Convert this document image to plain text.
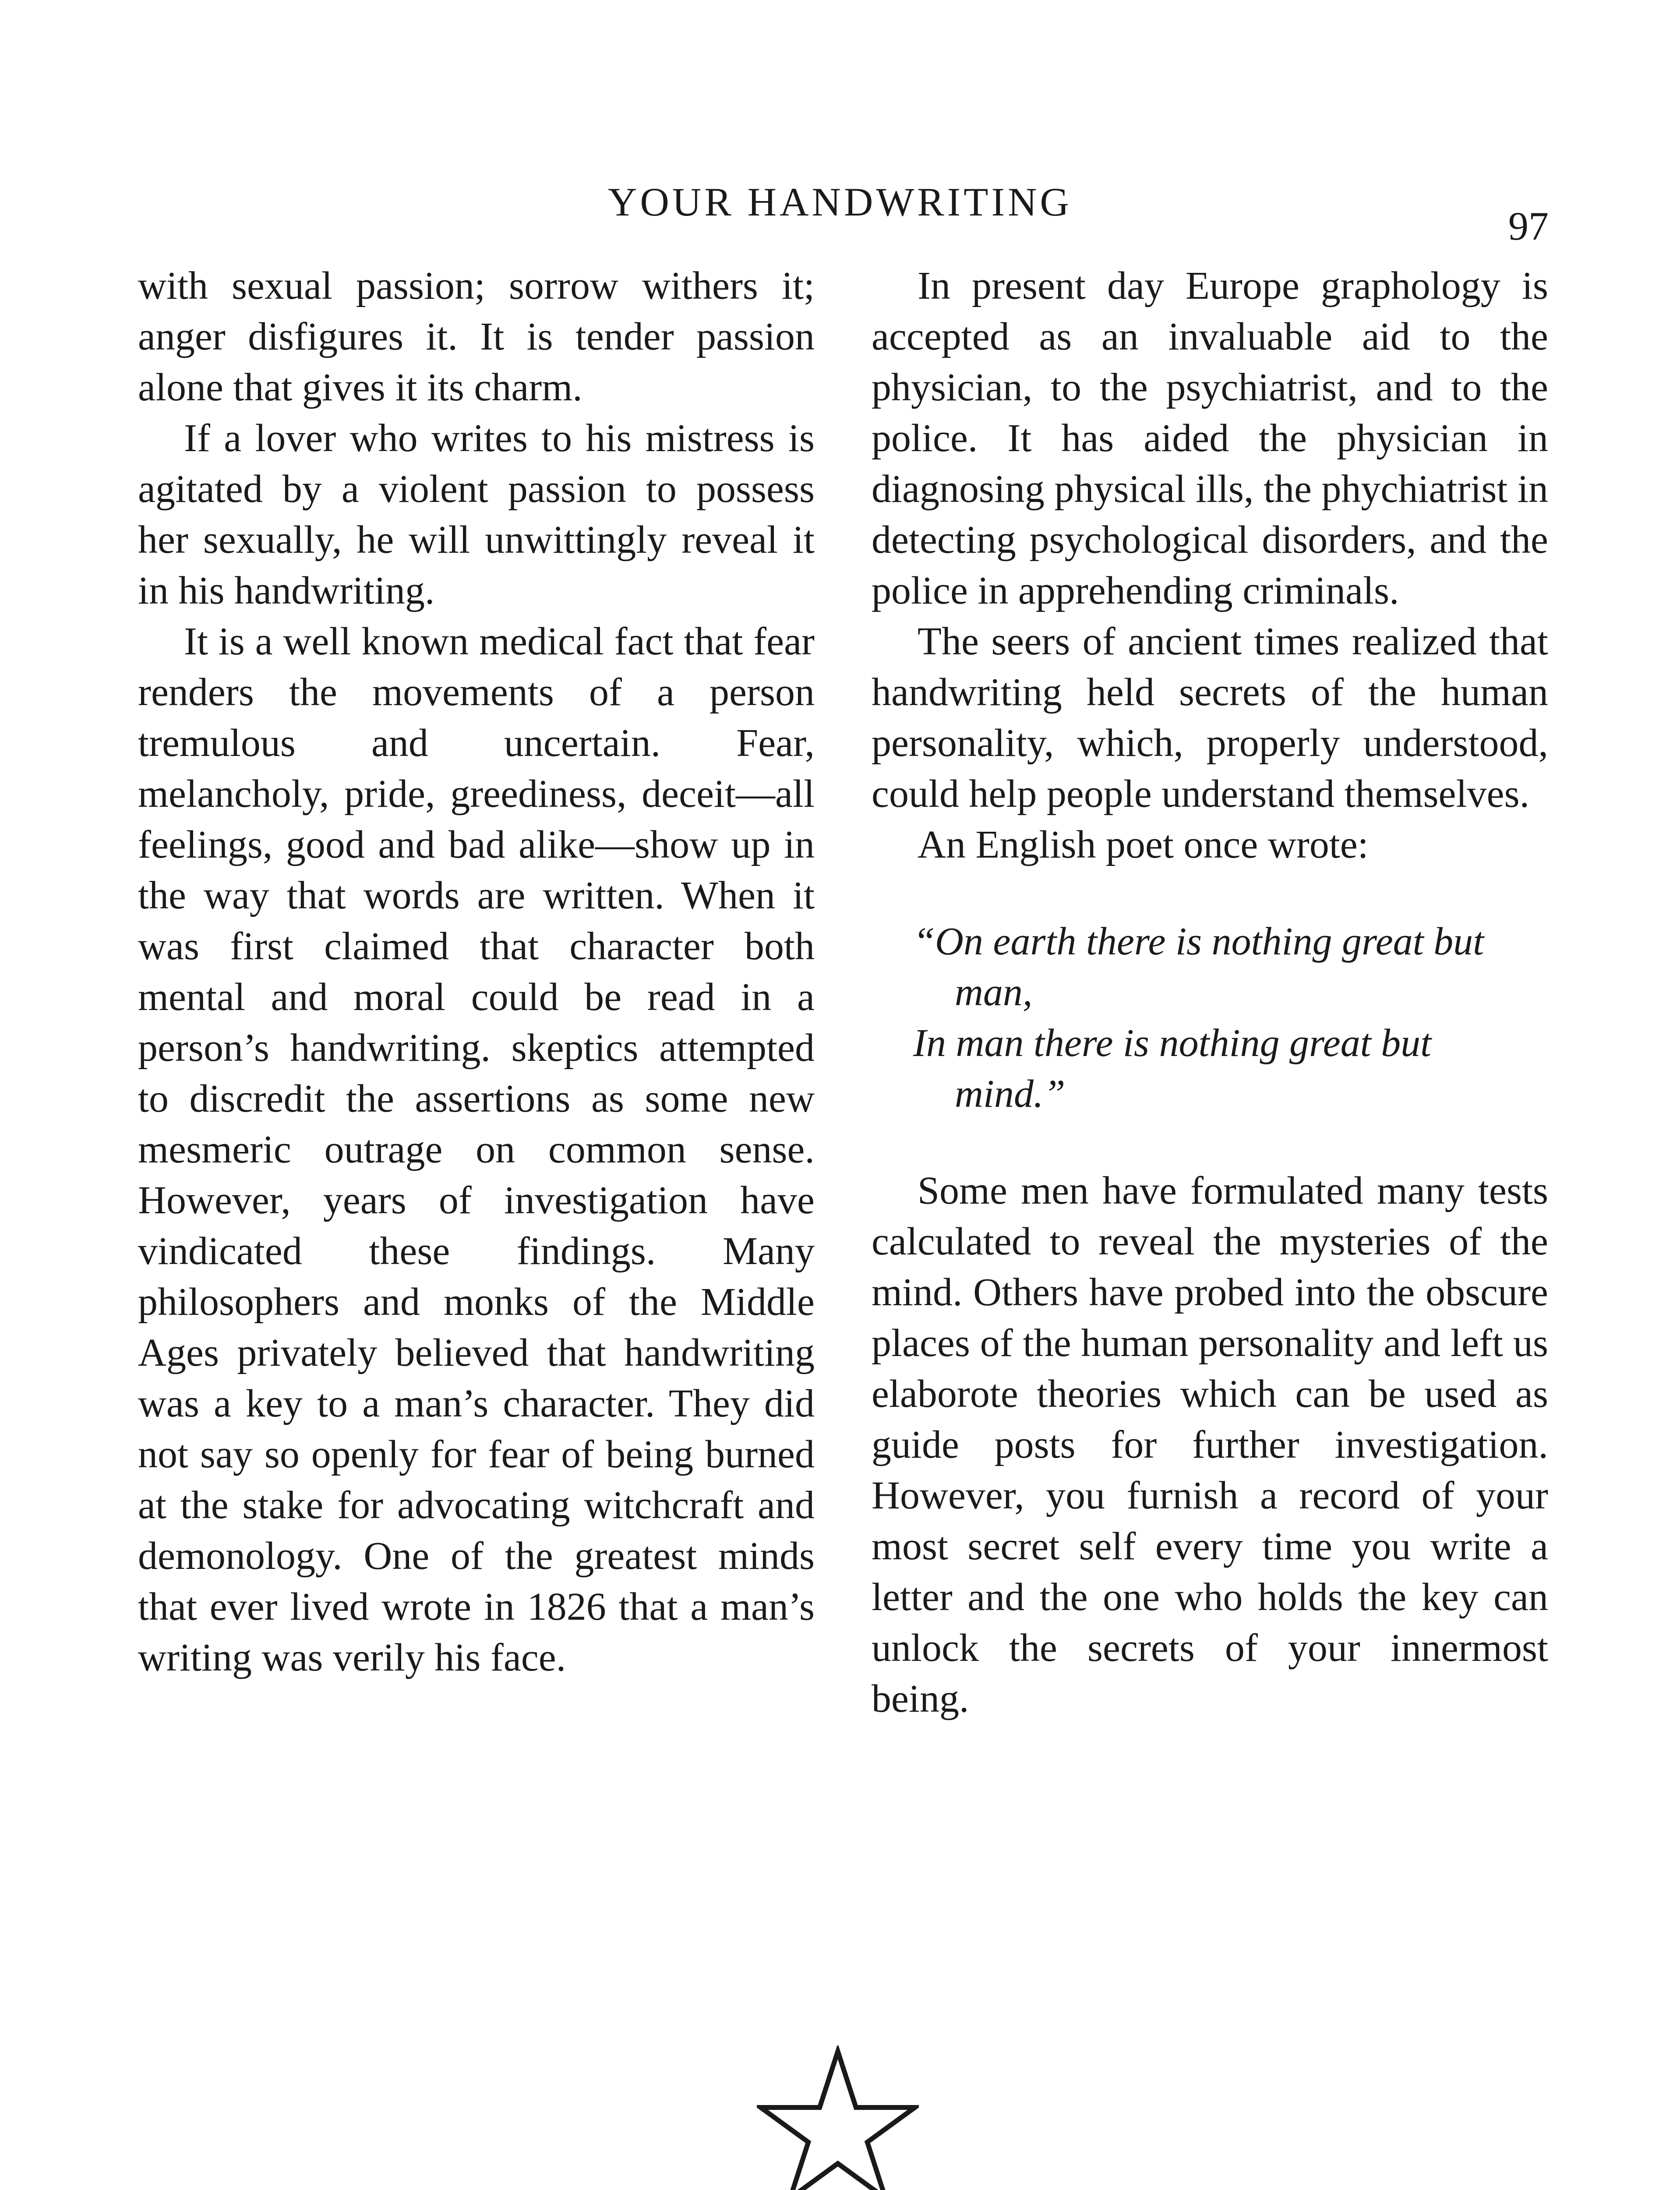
YOUR HANDWRITING
97

with sexual passion; sorrow withers it; anger disfigures it. It is tender passion alone that gives it its charm.

If a lover who writes to his mistress is agitated by a violent passion to possess her sexually, he will unwittingly reveal it in his handwriting.

It is a well known medical fact that fear renders the movements of a person tremulous and uncertain. Fear, melancholy, pride, greediness, deceit—all feelings, good and bad alike—show up in the way that words are written. When it was first claimed that character both mental and moral could be read in a person’s handwriting. skeptics attempted to discredit the assertions as some new mesmeric outrage on common sense. However, years of investigation have vindicated these findings. Many philosophers and monks of the Middle Ages privately believed that handwriting was a key to a man’s character. They did not say so openly for fear of being burned at the stake for advocating witchcraft and demonology. One of the greatest minds that ever lived wrote in 1826 that a man’s writing was verily his face.

In present day Europe graphology is accepted as an invaluable aid to the physician, to the psychiatrist, and to the police. It has aided the physician in diagnosing physical ills, the phychiatrist in detecting psychological disorders, and the police in apprehending criminals.

The seers of ancient times realized that handwriting held secrets of the human personality, which, properly understood, could help people understand themselves.

An English poet once wrote:

“On earth there is nothing great but man,
In man there is nothing great but mind.”

Some men have formulated many tests calculated to reveal the mysteries of the mind. Others have probed into the obscure places of the human personality and left us elaborote theories which can be used as guide posts for further investigation. However, you furnish a record of your most secret self every time you write a letter and the one who holds the key can unlock the secrets of your innermost being.
